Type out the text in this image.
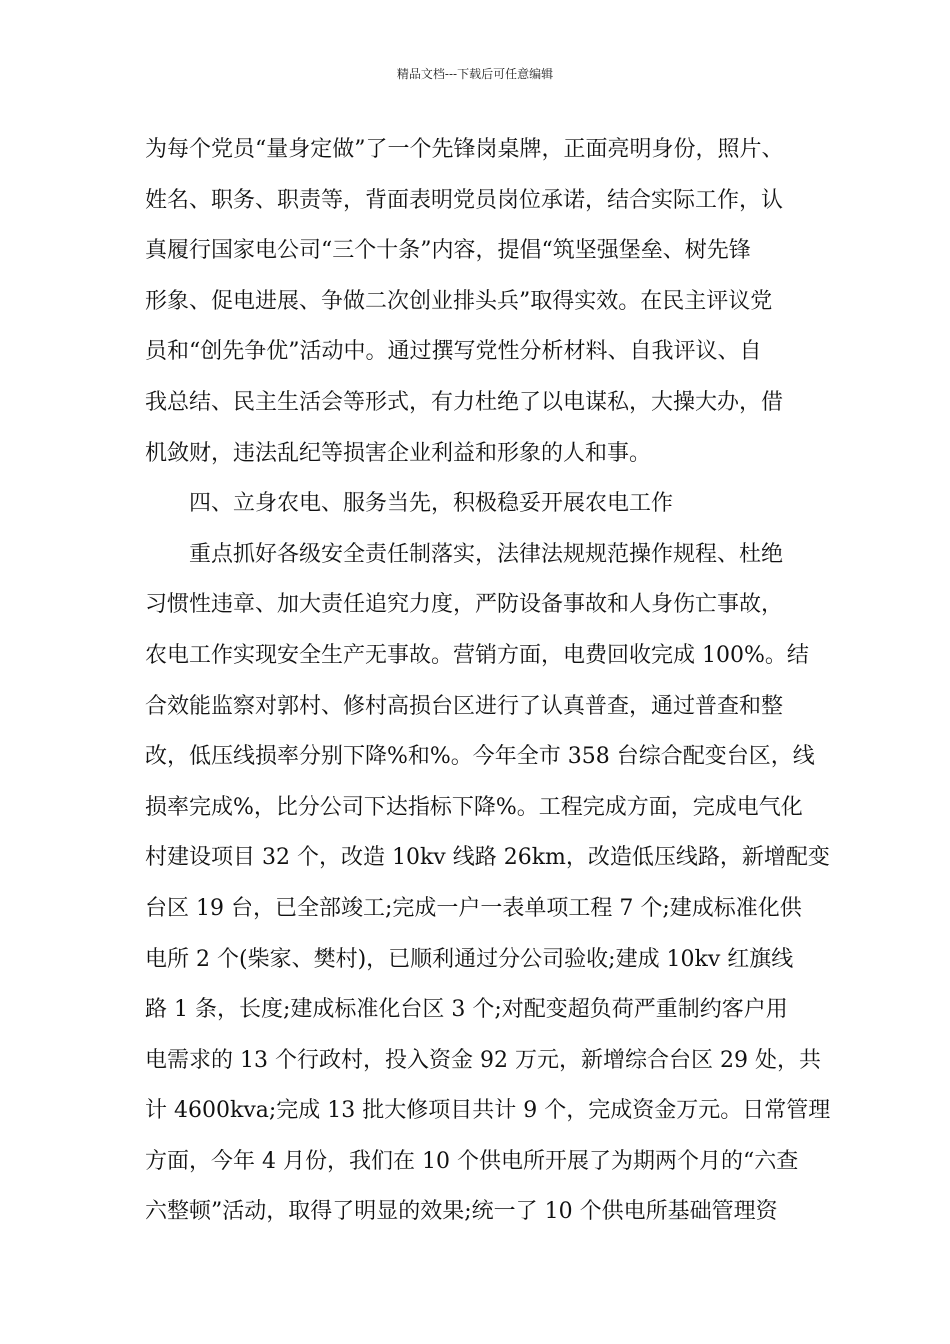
精品文档---下载后可任意编辑
为每个党员“量身定做”了一个先锋岗桌牌，正面亮明身份，照片、
姓名、职务、职责等，背面表明党员岗位承诺，结合实际工作，认
真履行国家电公司“三个十条”内容，提倡“筑坚强堡垒、树先锋
形象、促电进展、争做二次创业排头兵”取得实效。在民主评议党
员和“创先争优”活动中。通过撰写党性分析材料、自我评议、自
我总结、民主生活会等形式，有力杜绝了以电谋私，大操大办，借
机敛财，违法乱纪等损害企业利益和形象的人和事。
四、立身农电、服务当先，积极稳妥开展农电工作
重点抓好各级安全责任制落实，法律法规规范操作规程、杜绝
习惯性违章、加大责任追究力度，严防设备事故和人身伤亡事故，
农电工作实现安全生产无事故。营销方面，电费回收完成 100%。结
合效能监察对郭村、修村高损台区进行了认真普查，通过普查和整
改，低压线损率分别下降%和%。今年全市 358 台综合配变台区，线
损率完成%，比分公司下达指标下降%。工程完成方面，完成电气化
村建设项目 32 个，改造 10kv 线路 26km，改造低压线路，新增配变
台区 19 台，已全部竣工;完成一户一表单项工程 7 个;建成标准化供
电所 2 个(柴家、樊村)，已顺利通过分公司验收;建成 10kv 红旗线
路 1 条，长度;建成标准化台区 3 个;对配变超负荷严重制约客户用
电需求的 13 个行政村，投入资金 92 万元，新增综合台区 29 处，共
计 4600kva;完成 13 批大修项目共计 9 个，完成资金万元。日常管理
方面，今年 4 月份，我们在 10 个供电所开展了为期两个月的“六查
六整顿”活动，取得了明显的效果;统一了 10 个供电所基础管理资
